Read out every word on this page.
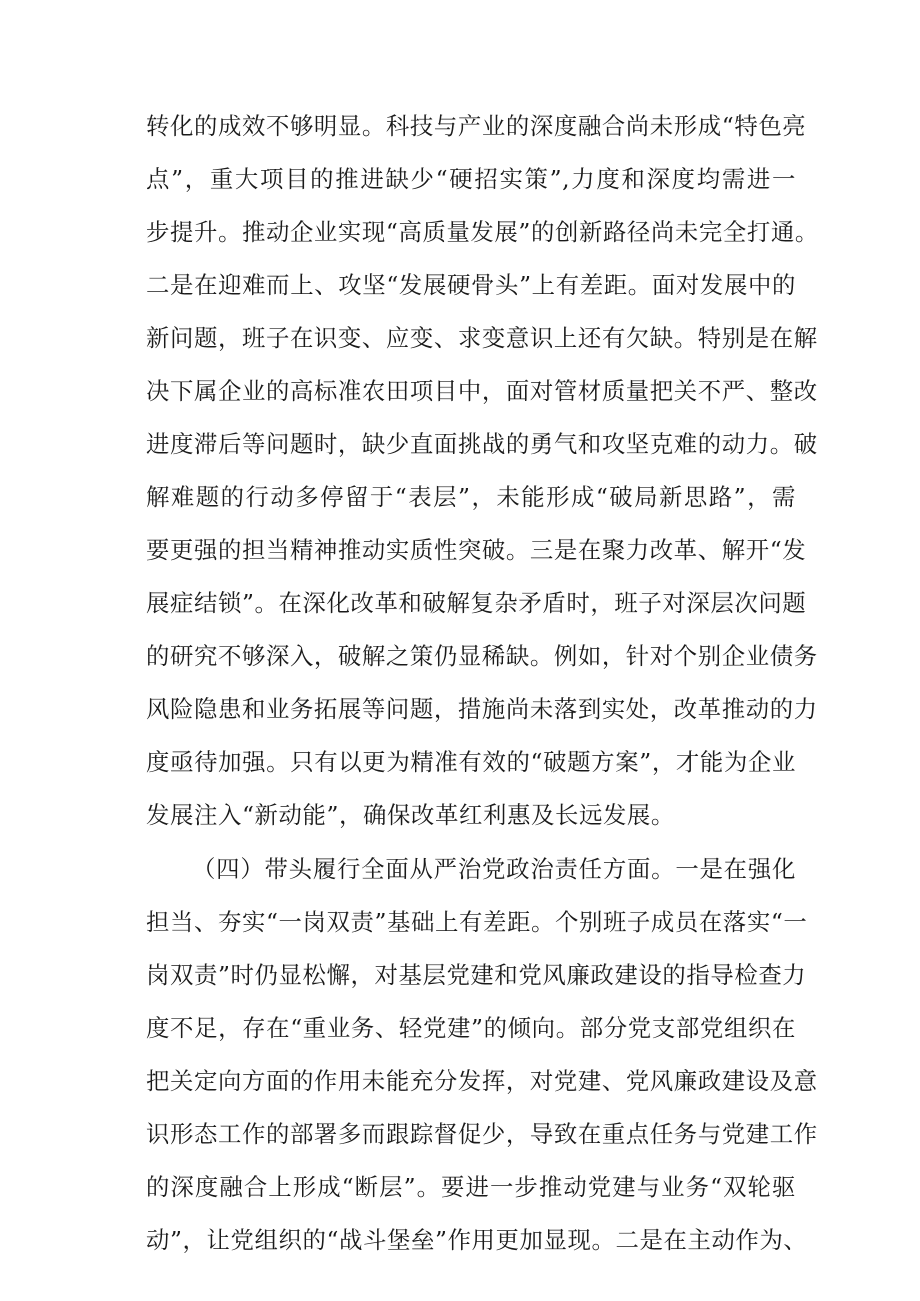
转化的成效不够明显。科技与产业的深度融合尚未形成“特色亮
点”，重大项目的推进缺少“硬招实策”,力度和深度均需进一
步提升。推动企业实现“高质量发展”的创新路径尚未完全打通。
二是在迎难而上、攻坚“发展硬骨头”上有差距。面对发展中的
新问题，班子在识变、应变、求变意识上还有欠缺。特别是在解
决下属企业的高标准农田项目中，面对管材质量把关不严、整改
进度滞后等问题时，缺少直面挑战的勇气和攻坚克难的动力。破
解难题的行动多停留于“表层”，未能形成“破局新思路”，需
要更强的担当精神推动实质性突破。三是在聚力改革、解开“发
展症结锁”。在深化改革和破解复杂矛盾时，班子对深层次问题
的研究不够深入，破解之策仍显稀缺。例如，针对个别企业债务
风险隐患和业务拓展等问题，措施尚未落到实处，改革推动的力
度亟待加强。只有以更为精准有效的“破题方案”，才能为企业
发展注入“新动能”，确保改革红利惠及长远发展。
（四）带头履行全面从严治党政治责任方面。一是在强化
担当、夯实“一岗双责”基础上有差距。个别班子成员在落实“一
岗双责”时仍显松懈，对基层党建和党风廉政建设的指导检查力
度不足，存在“重业务、轻党建”的倾向。部分党支部党组织在
把关定向方面的作用未能充分发挥，对党建、党风廉政建设及意
识形态工作的部署多而跟踪督促少，导致在重点任务与党建工作
的深度融合上形成“断层”。要进一步推动党建与业务“双轮驱
动”，让党组织的“战斗堡垒”作用更加显现。二是在主动作为、
